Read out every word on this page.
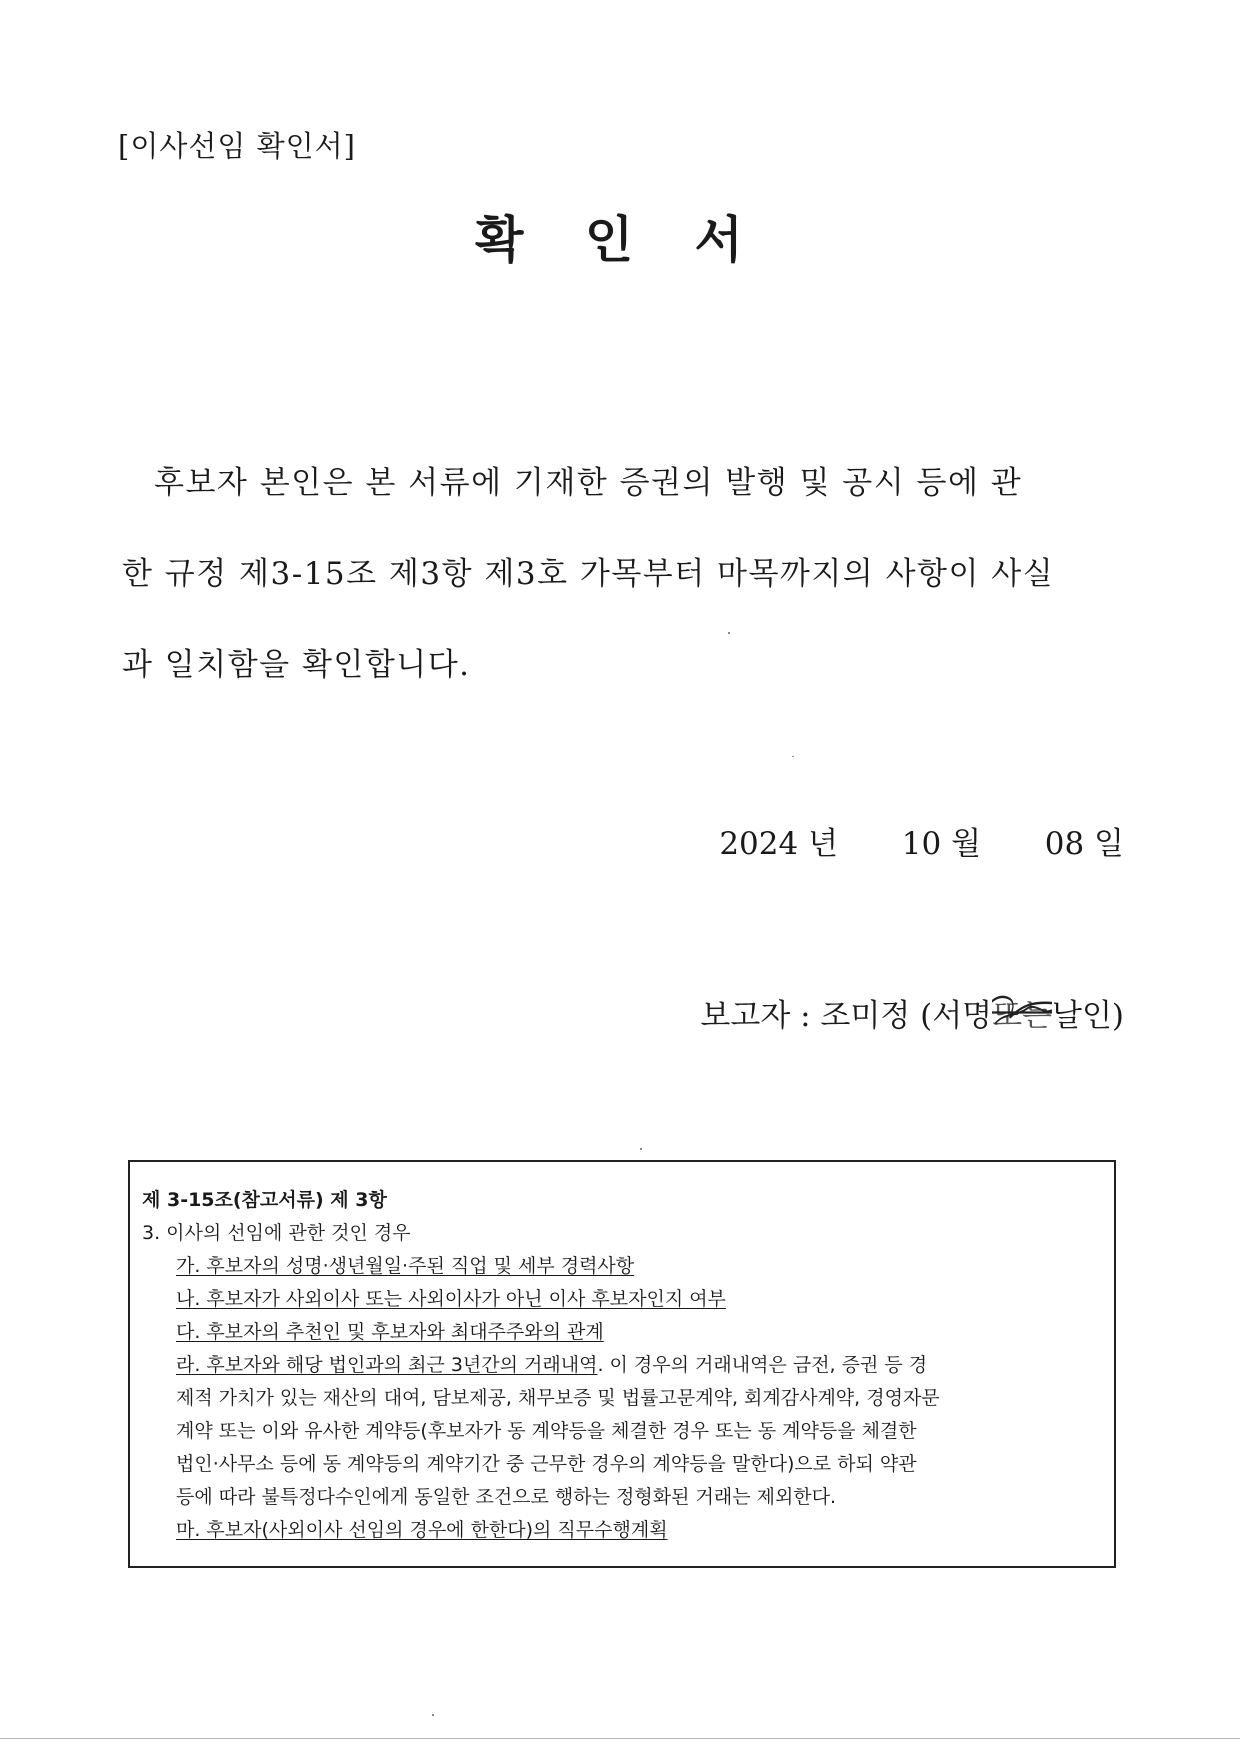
[이사선임 확인서]
확 인 서

후보자 본인은 본 서류에 기재한 증권의 발행 및 공시 등에 관

한 규정 제3-15조 제3항 제3호 가목부터 마목까지의 사항이 사실

과 일치함을 확인합니다.

2024 년 10 월 08 일
보고자 : 조미정 (서명또는
날인)
제 3-15조(참고서류) 제 3항
3. 이사의 선임에 관한 것인 경우
가. 후보자의 성명·생년월일·주된 직업 및 세부 경력사항
나. 후보자가 사외이사 또는 사외이사가 아닌 이사 후보자인지 여부
다. 후보자의 추천인 및 후보자와 최대주주와의 관계
라. 후보자와 해당 법인과의 최근 3년간의 거래내역. 이 경우의 거래내역은 금전, 증권 등 경
제적 가치가 있는 재산의 대여, 담보제공, 채무보증 및 법률고문계약, 회계감사계약, 경영자문
계약 또는 이와 유사한 계약등(후보자가 동 계약등을 체결한 경우 또는 동 계약등을 체결한
법인·사무소 등에 동 계약등의 계약기간 중 근무한 경우의 계약등을 말한다)으로 하되 약관
등에 따라 불특정다수인에게 동일한 조건으로 행하는 정형화된 거래는 제외한다.
마. 후보자(사외이사 선임의 경우에 한한다)의 직무수행계획
